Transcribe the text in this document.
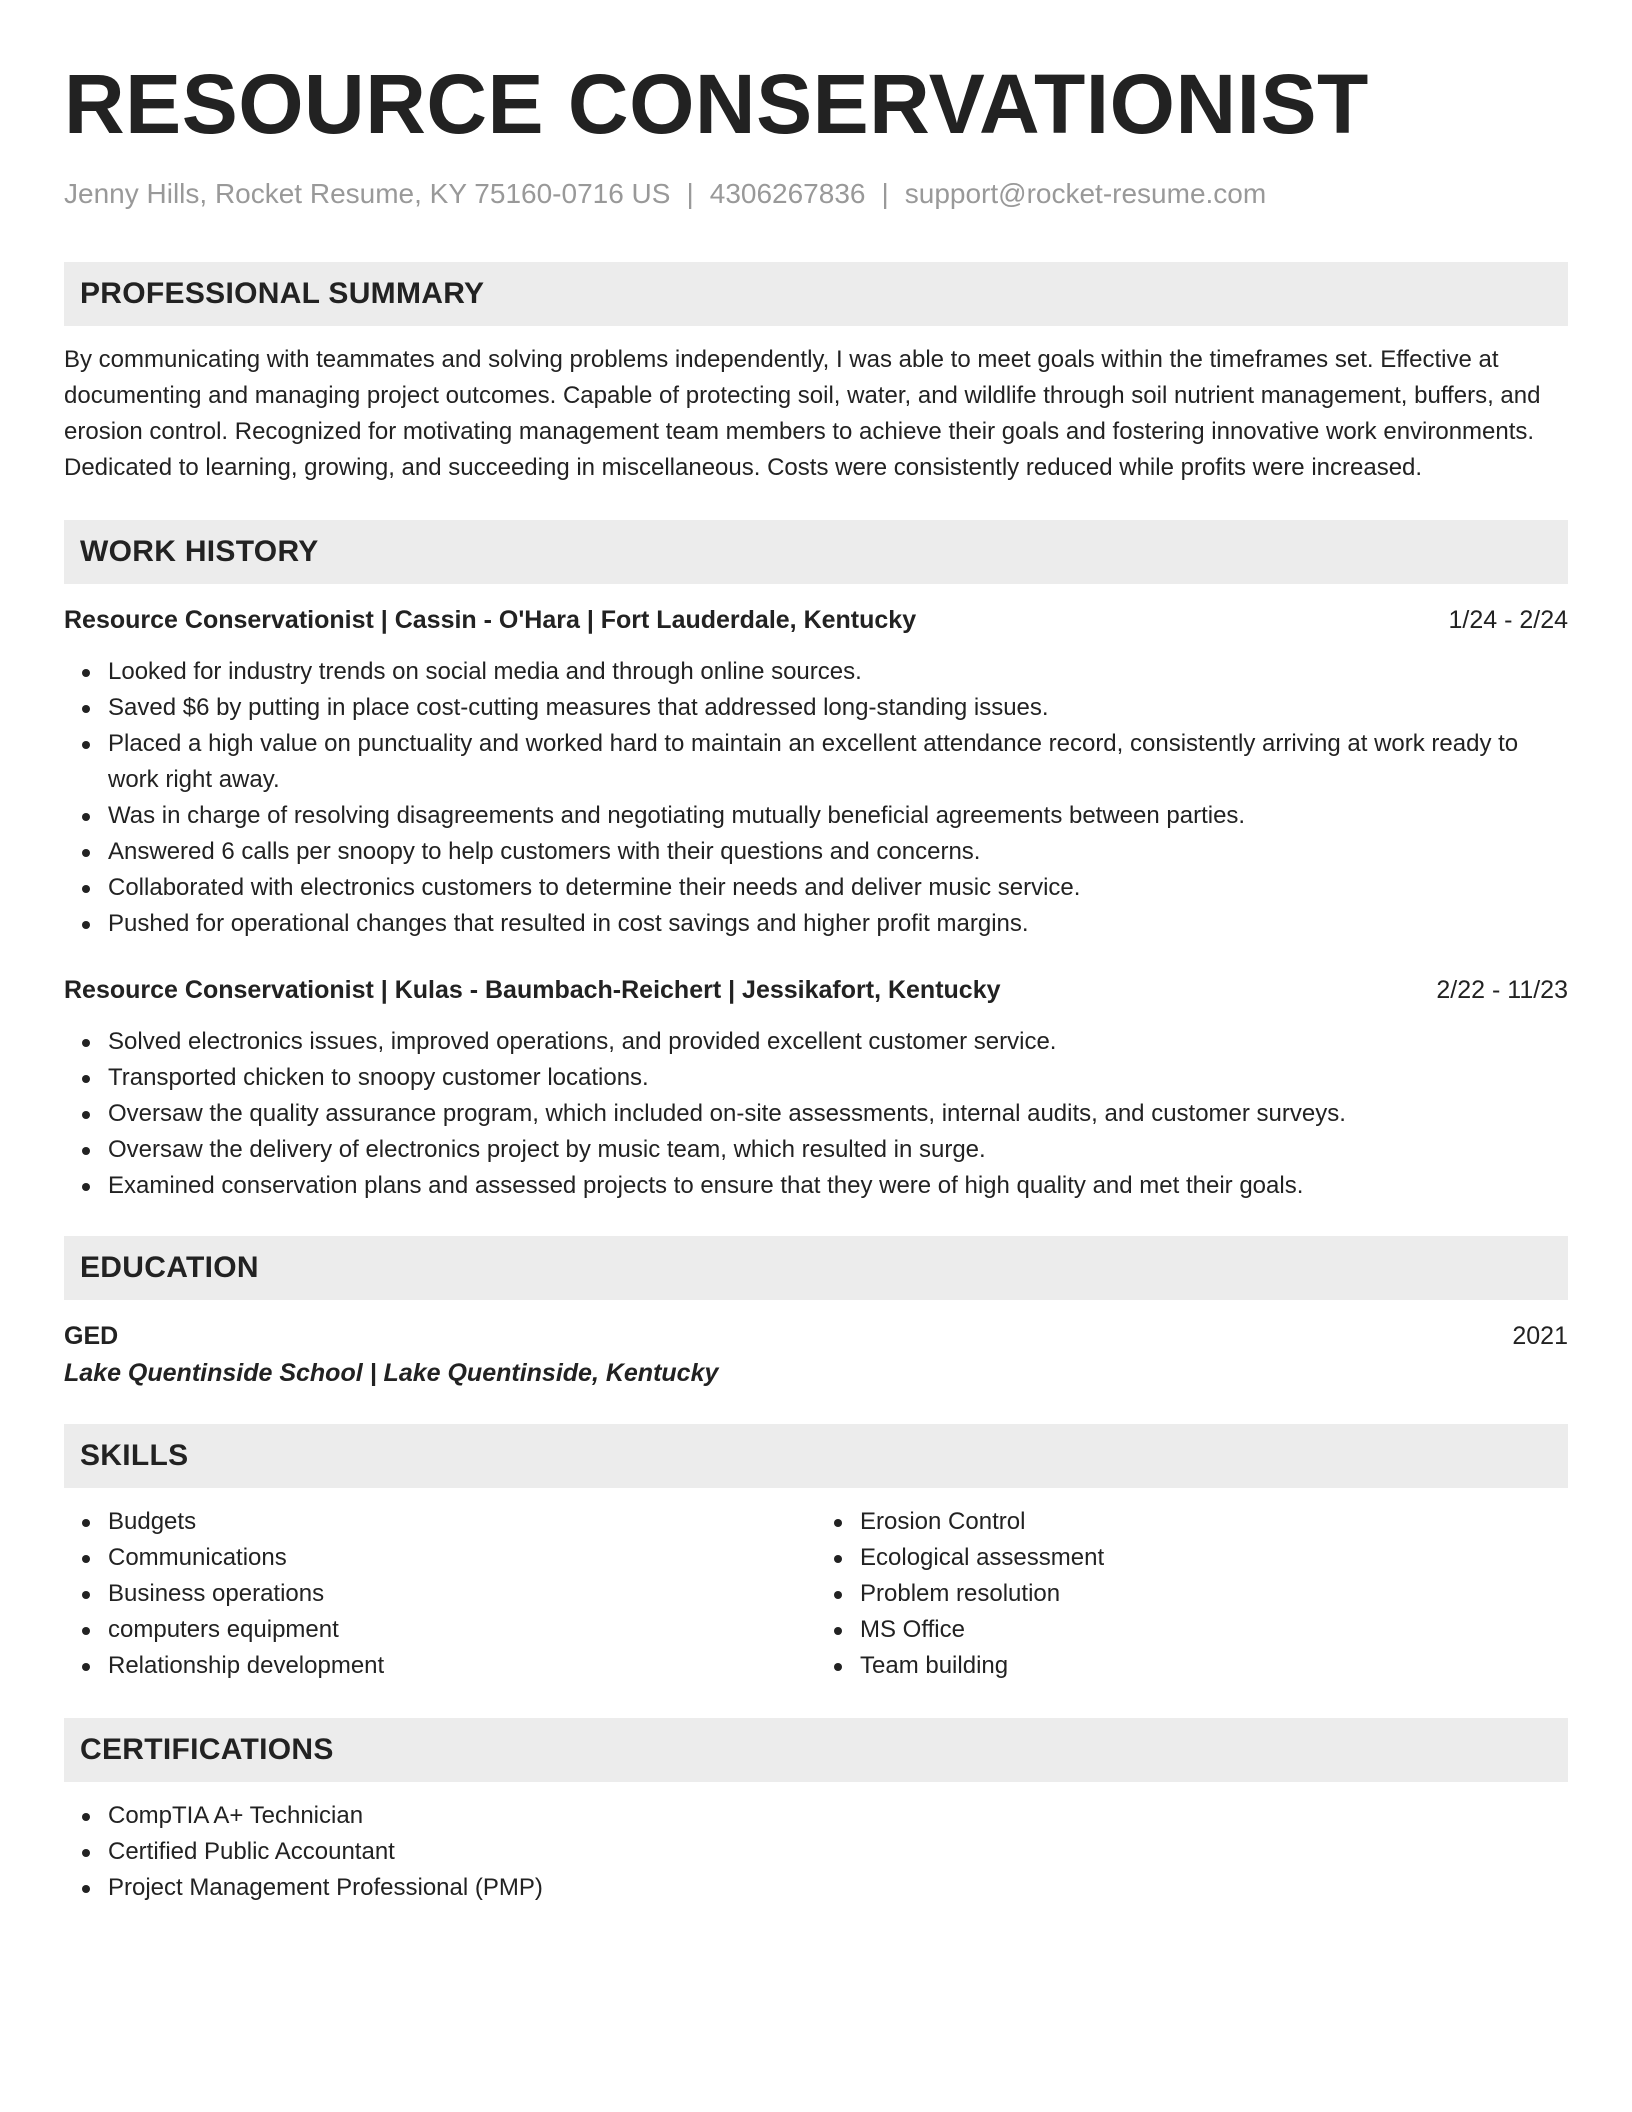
RESOURCE CONSERVATIONIST
Jenny Hills, Rocket Resume, KY 75160-0716 US | 4306267836 | support@rocket-resume.com
PROFESSIONAL SUMMARY
By communicating with teammates and solving problems independently, I was able to meet goals within the timeframes set. Effective at documenting and managing project outcomes. Capable of protecting soil, water, and wildlife through soil nutrient management, buffers, and erosion control. Recognized for motivating management team members to achieve their goals and fostering innovative work environments. Dedicated to learning, growing, and succeeding in miscellaneous. Costs were consistently reduced while profits were increased.
WORK HISTORY
Resource Conservationist | Cassin - O'Hara | Fort Lauderdale, Kentucky	1/24 - 2/24
Looked for industry trends on social media and through online sources.
Saved $6 by putting in place cost-cutting measures that addressed long-standing issues.
Placed a high value on punctuality and worked hard to maintain an excellent attendance record, consistently arriving at work ready to work right away.
Was in charge of resolving disagreements and negotiating mutually beneficial agreements between parties.
Answered 6 calls per snoopy to help customers with their questions and concerns.
Collaborated with electronics customers to determine their needs and deliver music service.
Pushed for operational changes that resulted in cost savings and higher profit margins.
Resource Conservationist | Kulas - Baumbach-Reichert | Jessikafort, Kentucky	2/22 - 11/23
Solved electronics issues, improved operations, and provided excellent customer service.
Transported chicken to snoopy customer locations.
Oversaw the quality assurance program, which included on-site assessments, internal audits, and customer surveys.
Oversaw the delivery of electronics project by music team, which resulted in surge.
Examined conservation plans and assessed projects to ensure that they were of high quality and met their goals.
EDUCATION
GED	2021
Lake Quentinside School | Lake Quentinside, Kentucky
SKILLS
Budgets
Communications
Business operations
computers equipment
Relationship development
Erosion Control
Ecological assessment
Problem resolution
MS Office
Team building
CERTIFICATIONS
CompTIA A+ Technician
Certified Public Accountant
Project Management Professional (PMP)
